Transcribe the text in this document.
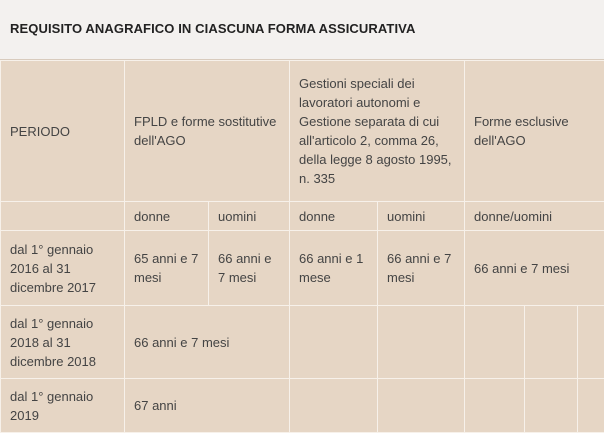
REQUISITO ANAGRAFICO IN CIASCUNA FORMA ASSICURATIVA
PERIODO	FPLD e forme sostitutive dell'AGO		Gestioni speciali dei lavoratori autonomi e Gestione separata di cui all'articolo 2, comma 26, della legge 8 agosto 1995, n. 335		Forme esclusive dell'AGO		
	donne	uomini	donne	uomini	donne/uomini		
dal 1° gennaio 2016 al 31 dicembre 2017	65 anni e 7 mesi	66 anni e 7 mesi	66 anni e 1 mese	66 anni e 7 mesi	66 anni e 7 mesi		
dal 1° gennaio 2018 al 31 dicembre 2018	66 anni e 7 mesi						
dal 1° gennaio 2019	67 anni						
